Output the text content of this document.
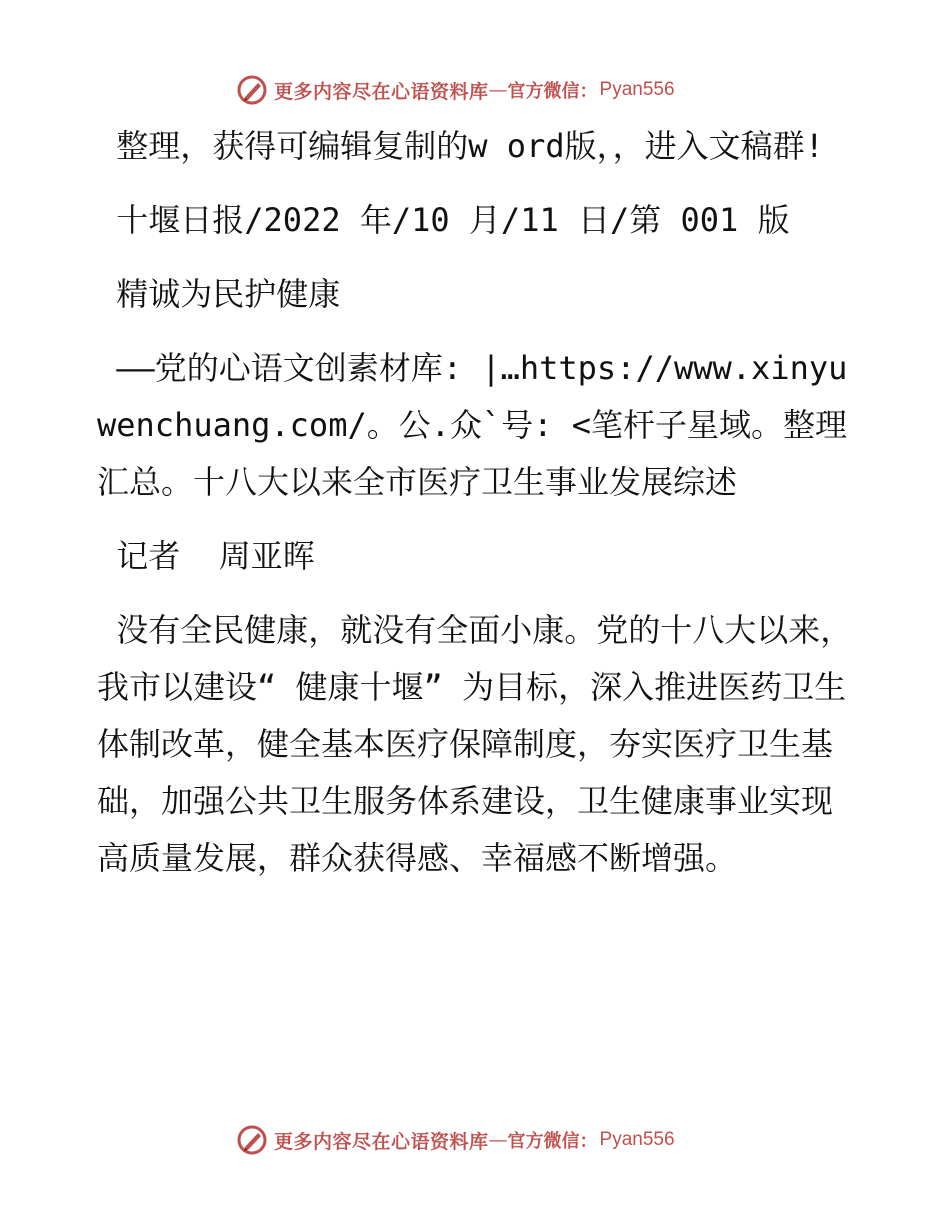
更多内容尽在心语资料库 — 官方微信： Pyan556

整理，获得可编辑复制的w ord版，，进入文稿群!

十堰日报/2022 年/10 月/11 日/第 001 版

精诚为民护健康

——党的心语文创素材库: |…https://www.xinyuwenchuang.com/。公.众`号: <笔杆子星域。整理汇总。十八大以来全市医疗卫生事业发展综述

记者  周亚晖

没有全民健康，就没有全面小康。党的十八大以来，我市以建设“ 健康十堰” 为目标，深入推进医药卫生体制改革，健全基本医疗保障制度，夯实医疗卫生基础，加强公共卫生服务体系建设，卫生健康事业实现高质量发展，群众获得感、幸福感不断增强。

更多内容尽在心语资料库 — 官方微信： Pyan556
